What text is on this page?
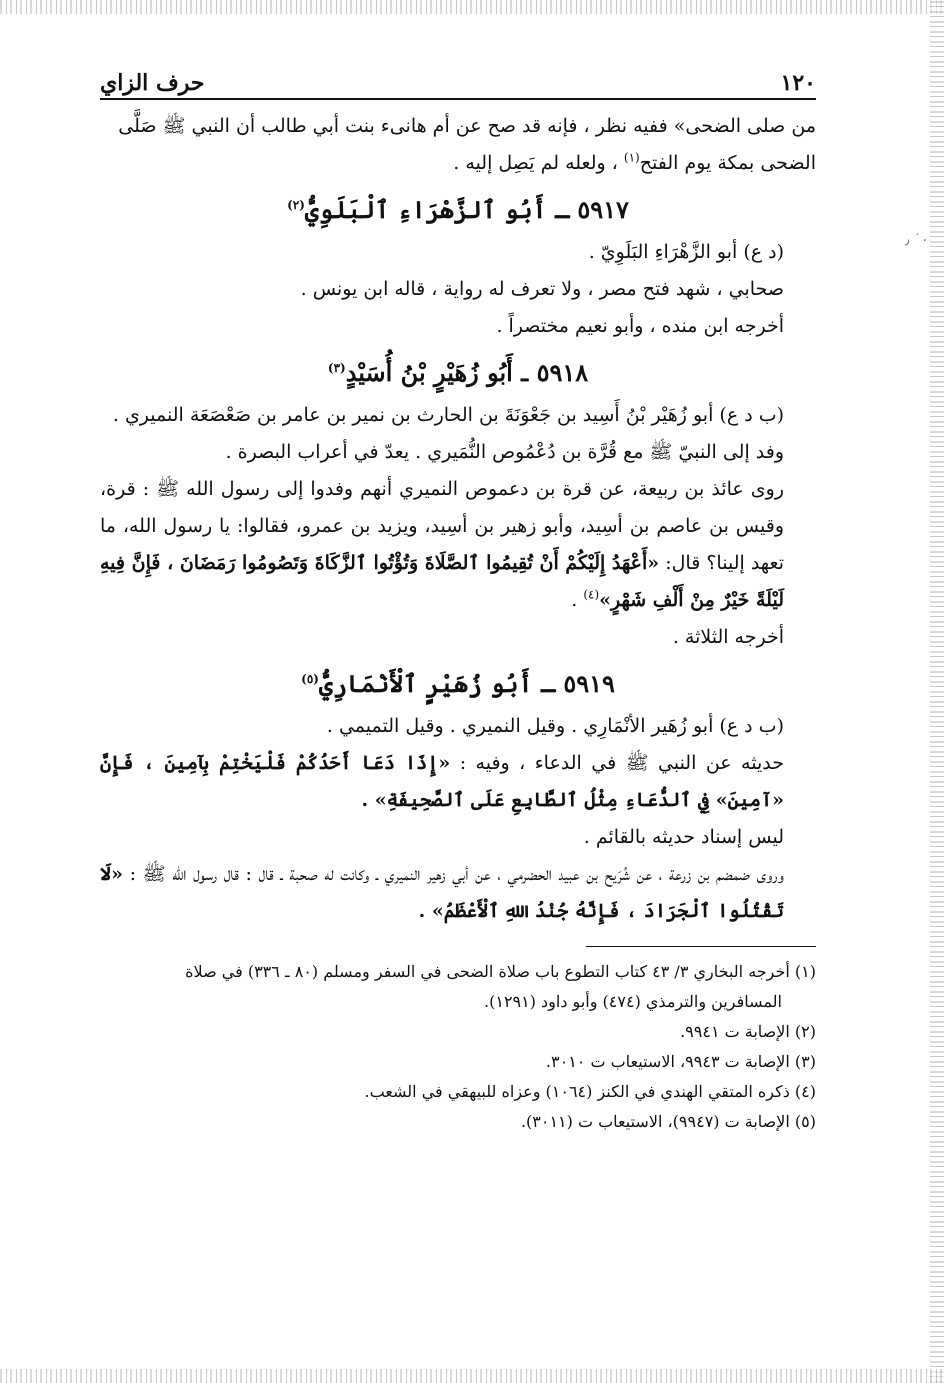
٠˙ ٫
١٢٠
حرف الزاي

من صلى الضحى» ففيه نظر ، فإنه قد صح عن أم هانىء بنت أبي طالب أن النبي ﷺ صَلَّى

الضحى بمكة يوم الفتح$^{(١)}$ ، ولعله لم يَصِل إليه .

٥٩١٧ ـ أَبُو ٱلزَّهْرَاءِ ٱلْبَلَوِيُّ$^{(٢)}$

(د ع) أبو الزَّهْرَاءِ البَلَوِيّ .

صحابي ، شهد فتح مصر ، ولا تعرف له رواية ، قاله ابن يونس .

أخرجه ابن منده ، وأبو نعيم مختصراً .

٥٩١٨ ـ أَبُو زُهَيْرٍ بْنُ أُسَيْدٍ$^{(٣)}$

(ب د ع) أبو زُهَيْر بْنُ أَسِيد بن جَعْوَنَةَ بن الحارث بن نمير بن عامر بن صَعْصَعَة النميري .

وفد إلى النبيّ ﷺ مع قُرَّة بن دُعْمُوص النُّمَيري . يعدّ في أعراب البصرة .

روى عائذ بن ربيعة، عن قرة بن دعموص النميري أنهم وفدوا إلى رسول الله ﷺ : قرة، وقيس بن عاصم بن أسِيد، وأبو زهير بن أسِيد، ويزيد بن عمرو، فقالوا: يا رسول الله، ما تعهد إلينا؟ قال: «أَعْهَدُ إِلَيْكُمْ أَنْ تُقِيمُوا ٱلصَّلَاةَ وَتُؤْتُوا ٱلزَّكَاةَ وَتَصُومُوا رَمَضَانَ ، فَإِنَّ فِيهِ لَيْلَةً خَيْرٌ مِنْ أَلْفِ شَهْرٍ»$^{(٤)}$ .

أخرجه الثلاثة .

٥٩١٩ ـ أَبُو زُهَيْرٍ ٱلْأَنْمَارِيُّ$^{(٥)}$

(ب د ع) أبو زُهَير الأنْمَارِي . وقيل النميري . وقيل التميمي .

حديثه عن النبي ﷺ في الدعاء ، وفيه : «إِذَا دَعَا أَحَدُكُمْ فَلْيَخْتِمْ بِآمِينَ ، فَإِنَّ «آمِينَ» فِي ٱلدُّعَاءِ مِثْلُ ٱلطَّابِعِ عَلَى ٱلصَّحِيفَةِ» .

ليس إسناد حديثه بالقائم .

وروى ضمضم بن زرعة ، عن شُرَيح بن عبيد الحضرمي ، عن أبي زهير النميري ـ وكانت له صحبة ـ قال : قال رسول الله ﷺ : «لَا تَقْتُلُوا ٱلْجَرَادَ ، فَإِنَّهُ جُنْدُ اللهِ ٱلْأَعْظَمُ» .

(١) أخرجه البخاري ٣/ ٤٣ كتاب التطوع باب صلاة الضحى في السفر ومسلم (٨٠ ـ ٣٣٦) في صلاة

المسافرين والترمذي (٤٧٤) وأبو داود (١٢٩١).

(٢) الإصابة ت ٩٩٤١.

(٣) الإصابة ت ٩٩٤٣، الاستيعاب ت ٣٠١٠.

(٤) ذكره المتقي الهندي في الكنز (١٠٦٤) وعزاه للبيهقي في الشعب.

(٥) الإصابة ت (٩٩٤٧)، الاستيعاب ت (٣٠١١).
